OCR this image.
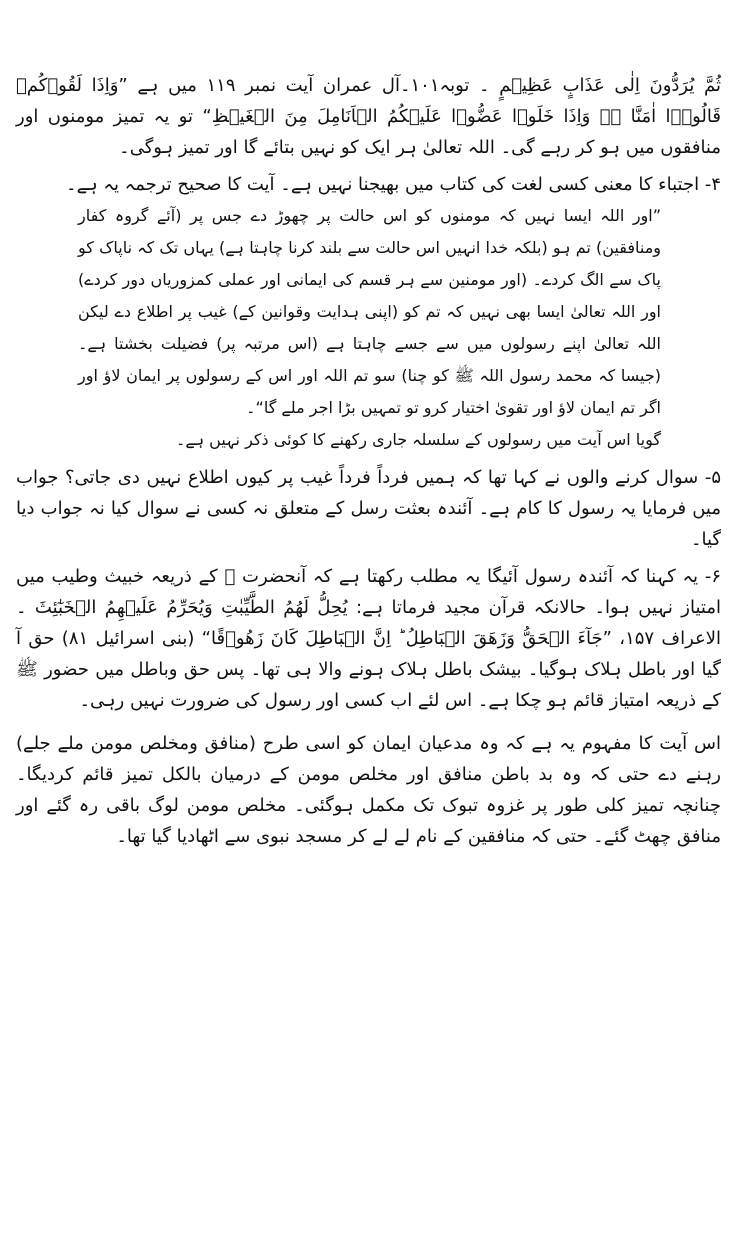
ثُمَّ يُرَدُّونَ اِلٰى عَذَابٍ عَظِيۡمٍ ۔ توبہ۱۰۱۔آل عمران آیت نمبر ۱۱۹ میں ہے ”وَاِذَا لَقُوۡكُمۡ قَالُوۡۤا اٰمَنَّا ۖۚ وَاِذَا خَلَوۡا عَضُّوۡا عَلَيۡكُمُ الۡاَنَامِلَ مِنَ الۡغَيۡظِ“ تو یہ تمیز مومنوں اور منافقوں میں ہو کر رہے گی۔ اللہ تعالیٰ ہر ایک کو نہیں بتائے گا اور تمیز ہوگی۔

۴- اجتباء کا معنی کسی لغت کی کتاب میں بھیجنا نہیں ہے۔ آیت کا صحیح ترجمہ یہ ہے۔

”اور اللہ ایسا نہیں کہ مومنوں کو اس حالت پر چھوڑ دے جس پر (آئے گروہ کفار ومنافقین) تم ہو (بلکہ خدا انہیں اس حالت سے بلند کرنا چاہتا ہے) یہاں تک کہ ناپاک کو پاک سے الگ کردے۔ (اور مومنین سے ہر قسم کی ایمانی اور عملی کمزوریاں دور کردے) اور اللہ تعالیٰ ایسا بھی نہیں کہ تم کو (اپنی ہدایت وقوانین کے) غیب پر اطلاع دے لیکن اللہ تعالیٰ اپنے رسولوں میں سے جسے چاہتا ہے (اس مرتبہ پر) فضیلت بخشتا ہے۔ (جیسا کہ محمد رسول اللہ ﷺ کو چنا) سو تم اللہ اور اس کے رسولوں پر ایمان لاؤ اور اگر تم ایمان لاؤ اور تقویٰ اختیار کرو تو تمہیں بڑا اجر ملے گا“۔

گویا اس آیت میں رسولوں کے سلسلہ جاری رکھنے کا کوئی ذکر نہیں ہے۔

۵- سوال کرنے والوں نے کہا تھا کہ ہمیں فرداً فرداً غیب پر کیوں اطلاع نہیں دی جاتی؟ جواب میں فرمایا یہ رسول کا کام ہے۔ آئندہ بعثت رسل کے متعلق نہ کسی نے سوال کیا نہ جواب دیا گیا۔

۶- یہ کہنا کہ آئندہ رسول آئیگا یہ مطلب رکھتا ہے کہ آنحضرت ﷺ کے ذریعہ خبیث وطیب میں امتیاز نہیں ہوا۔ حالانکہ قرآن مجید فرماتا ہے: يُحِلُّ لَهُمُ الطَّيِّبٰتِ وَيُحَرِّمُ عَلَيۡهِمُ الۡخَبٰٓئِثَ ۔ الاعراف ۱۵۷، ”جَآءَ الۡحَقُّ وَزَهَقَ الۡبَاطِلُ ؕ اِنَّ الۡبَاطِلَ كَانَ زَهُوۡقًا“ (بنی اسرائیل ۸۱) حق آ گیا اور باطل ہلاک ہوگیا۔ بیشک باطل ہلاک ہونے والا ہی تھا۔ پس حق وباطل میں حضور ﷺ کے ذریعہ امتیاز قائم ہو چکا ہے۔ اس لئے اب کسی اور رسول کی ضرورت نہیں رہی۔

اس آیت کا مفہوم یہ ہے کہ وہ مدعیان ایمان کو اسی طرح (منافق ومخلص مومن ملے جلے) رہنے دے حتی کہ وہ بد باطن منافق اور مخلص مومن کے درمیان بالکل تمیز قائم کردیگا۔ چنانچہ تمیز کلی طور پر غزوہ تبوک تک مکمل ہوگئی۔ مخلص مومن لوگ باقی رہ گئے اور منافق چھٹ گئے۔ حتی کہ منافقین کے نام لے لے کر مسجد نبوی سے اٹھادیا گیا تھا۔
